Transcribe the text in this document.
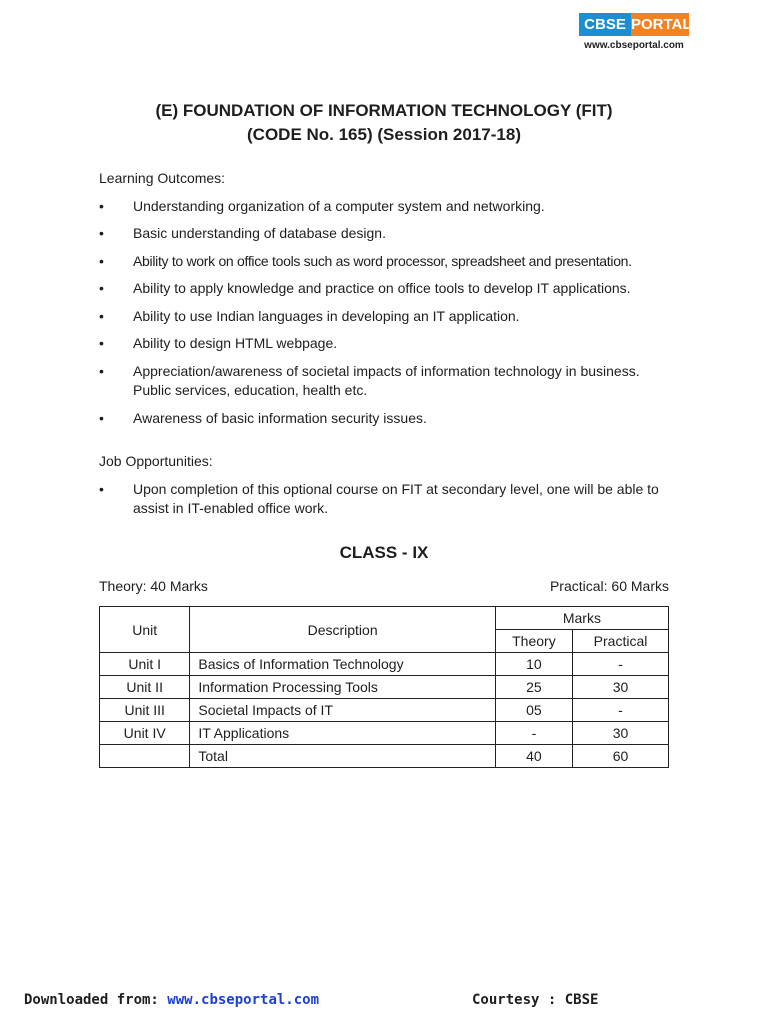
CBSE PORTAL
www.cbseportal.com
(E) FOUNDATION OF INFORMATION TECHNOLOGY (FIT)
(CODE No. 165) (Session 2017-18)
Learning Outcomes:
• Understanding organization of a computer system and networking.
• Basic understanding of database design.
• Ability to work on office tools such as word processor, spreadsheet and presentation.
• Ability to apply knowledge and practice on office tools to develop IT applications.
• Ability to use Indian languages in developing an IT application.
• Ability to design HTML webpage.
• Appreciation/awareness of societal impacts of information technology in business. Public services, education, health etc.
• Awareness of basic information security issues.
Job Opportunities:
• Upon completion of this optional course on FIT at secondary level, one will be able to assist in IT-enabled office work.
CLASS - IX
Theory: 40 Marks	Practical: 60 Marks
Unit	Description	Marks	
		Theory	Practical
Unit I	Basics of Information Technology	10	-
Unit II	Information Processing Tools	25	30
Unit III	Societal Impacts of IT	05	-
Unit IV	IT Applications	-	30
	Total	40	60
Downloaded from: www.cbseportal.com	Courtesy : CBSE
